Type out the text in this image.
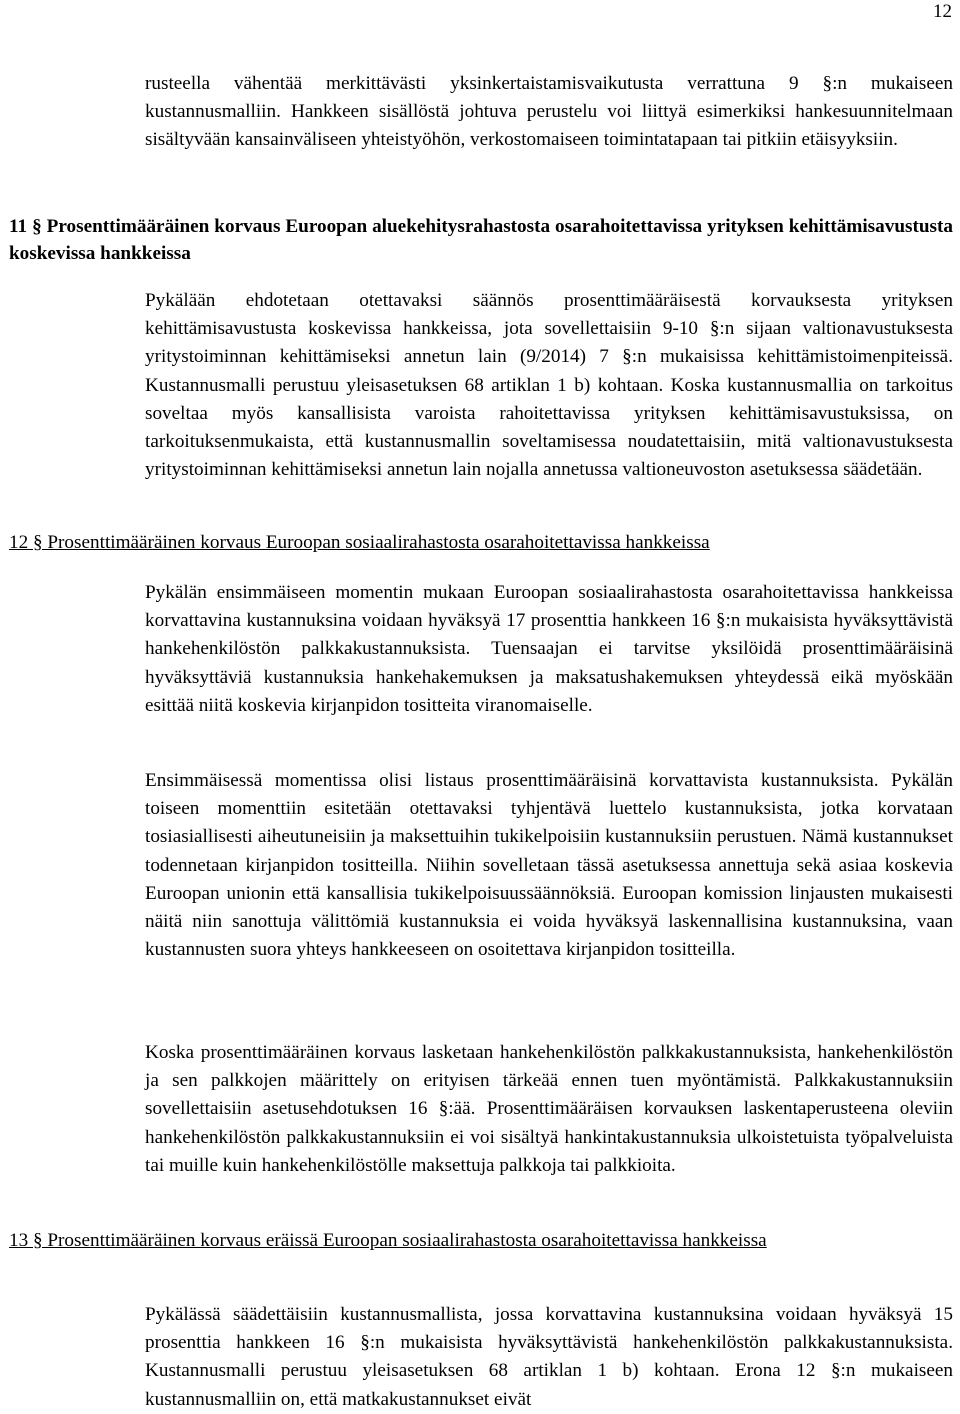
12

rusteella vähentää merkittävästi yksinkertaistamisvaikutusta verrattuna 9 §:n mukaiseen kustannusmalliin. Hankkeen sisällöstä johtuva perustelu voi liittyä esimerkiksi hankesuunnitelmaan sisältyvään kansainväliseen yhteistyöhön, verkostomaiseen toimintatapaan tai pitkiin etäisyyksiin.

11 § Prosenttimääräinen korvaus Euroopan aluekehitysrahastosta osarahoitettavissa yrityksen kehittämisavustusta koskevissa hankkeissa

Pykälään ehdotetaan otettavaksi säännös prosenttimääräisestä korvauksesta yrityksen kehittämisavustusta koskevissa hankkeissa, jota sovellettaisiin 9-10 §:n sijaan valtionavustuksesta yritystoiminnan kehittämiseksi annetun lain (9/2014) 7 §:n mukaisissa kehittämistoimenpiteissä. Kustannusmalli perustuu yleisasetuksen 68 artiklan 1 b) kohtaan. Koska kustannusmallia on tarkoitus soveltaa myös kansallisista varoista rahoitettavissa yrityksen kehittämisavustuksissa, on tarkoituksenmukaista, että kustannusmallin soveltamisessa noudatettaisiin, mitä valtionavustuksesta yritystoiminnan kehittämiseksi annetun lain nojalla annetussa valtioneuvoston asetuksessa säädetään.

12 § Prosenttimääräinen korvaus Euroopan sosiaalirahastosta osarahoitettavissa hankkeissa

Pykälän ensimmäiseen momentin mukaan Euroopan sosiaalirahastosta osarahoitettavissa hankkeissa korvattavina kustannuksina voidaan hyväksyä 17 prosenttia hankkeen 16 §:n mukaisista hyväksyttävistä hankehenkilöstön palkkakustannuksista. Tuensaajan ei tarvitse yksilöidä prosenttimääräisinä hyväksyttäviä kustannuksia hankehakemuksen ja maksatushakemuksen yhteydessä eikä myöskään esittää niitä koskevia kirjanpidon tositteita viranomaiselle.

Ensimmäisessä momentissa olisi listaus prosenttimääräisinä korvattavista kustannuksista. Pykälän toiseen momenttiin esitetään otettavaksi tyhjentävä luettelo kustannuksista, jotka korvataan tosiasiallisesti aiheutuneisiin ja maksettuihin tukikelpoisiin kustannuksiin perustuen. Nämä kustannukset todennetaan kirjanpidon tositteilla. Niihin sovelletaan tässä asetuksessa annettuja sekä asiaa koskevia Euroopan unionin että kansallisia tukikelpoisuussäännöksiä. Euroopan komission linjausten mukaisesti näitä niin sanottuja välittömiä kustannuksia ei voida hyväksyä laskennallisina kustannuksina, vaan kustannusten suora yhteys hankkeeseen on osoitettava kirjanpidon tositteilla.

Koska prosenttimääräinen korvaus lasketaan hankehenkilöstön palkkakustannuksista, hankehenkilöstön ja sen palkkojen määrittely on erityisen tärkeää ennen tuen myöntämistä. Palkkakustannuksiin sovellettaisiin asetusehdotuksen 16 §:ää. Prosenttimääräisen korvauksen laskentaperusteena oleviin hankehenkilöstön palkkakustannuksiin ei voi sisältyä hankintakustannuksia ulkoistetuista työpalveluista tai muille kuin hankehenkilöstölle maksettuja palkkoja tai palkkioita.

13 § Prosenttimääräinen korvaus eräissä Euroopan sosiaalirahastosta osarahoitettavissa hankkeissa

Pykälässä säädettäisiin kustannusmallista, jossa korvattavina kustannuksina voidaan hyväksyä 15 prosenttia hankkeen 16 §:n mukaisista hyväksyttävistä hankehenkilöstön palkkakustannuksista. Kustannusmalli perustuu yleisasetuksen 68 artiklan 1 b) kohtaan. Erona 12 §:n mukaiseen kustannusmalliin on, että matkakustannukset eivät
